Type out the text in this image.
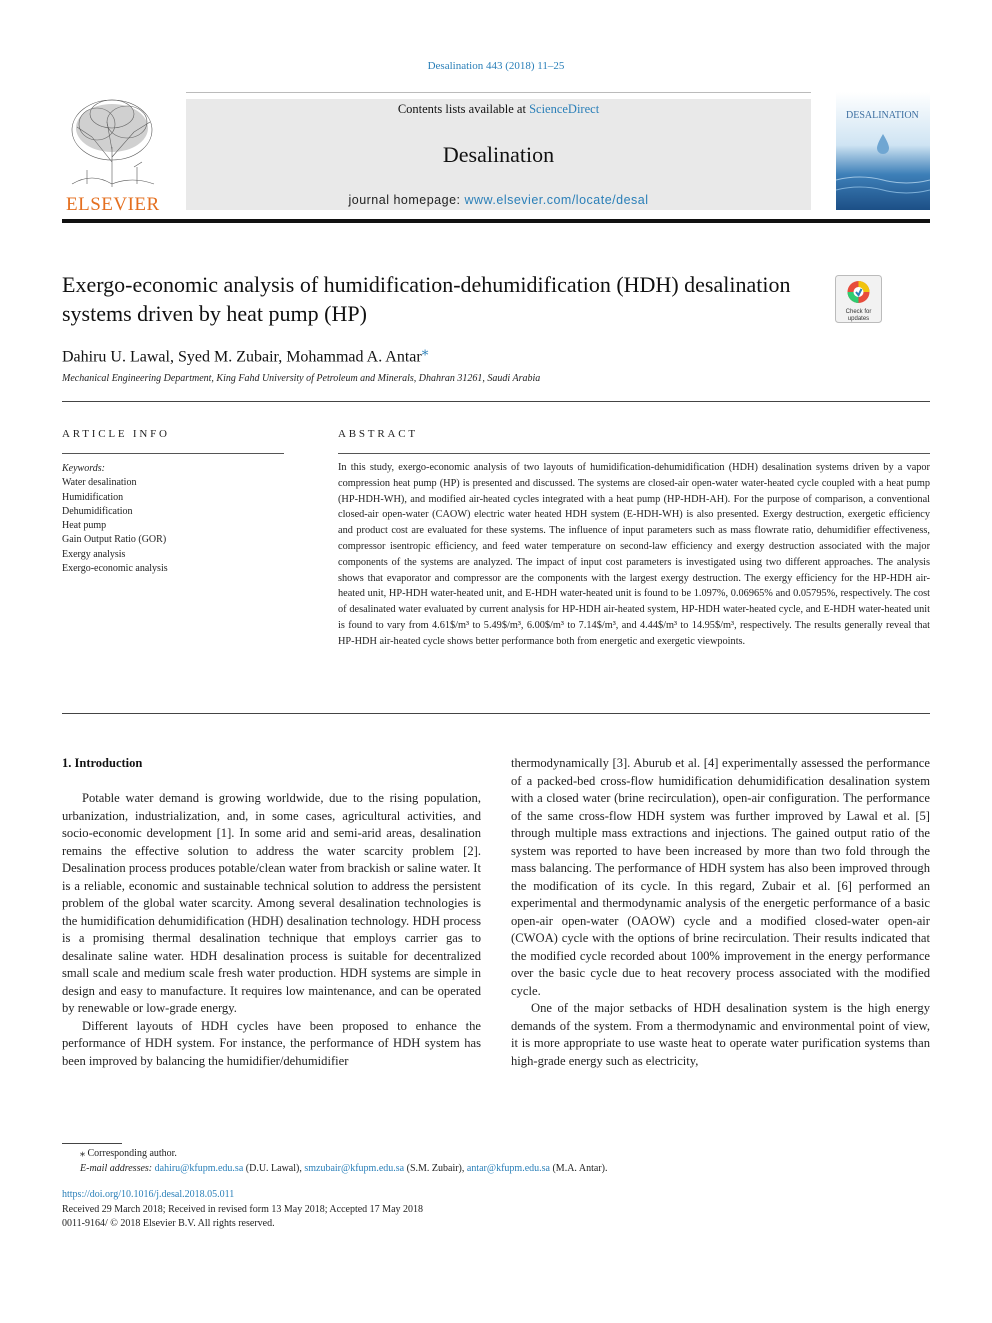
Desalination 443 (2018) 11–25
ELSEVIER
Contents lists available at ScienceDirect
Desalination
journal homepage: www.elsevier.com/locate/desal
DESALINATION
Exergo-economic analysis of humidification-dehumidification (HDH) desalination systems driven by heat pump (HP)	Check for
updates
Dahiru U. Lawal, Syed M. Zubair, Mohammad A. Antar⁎
Mechanical Engineering Department, King Fahd University of Petroleum and Minerals, Dhahran 31261, Saudi Arabia
ARTICLE INFO
Keywords:
Water desalination
Humidification
Dehumidification
Heat pump
Gain Output Ratio (GOR)
Exergy analysis
Exergo-economic analysis
ABSTRACT
In this study, exergo-economic analysis of two layouts of humidification-dehumidification (HDH) desalination systems driven by a vapor compression heat pump (HP) is presented and discussed. The systems are closed-air open-water water-heated cycle coupled with a heat pump (HP-HDH-WH), and modified air-heated cycles integrated with a heat pump (HP-HDH-AH). For the purpose of comparison, a conventional closed-air open-water (CAOW) electric water heated HDH system (E-HDH-WH) is also presented. Exergy destruction, exergetic efficiency and product cost are evaluated for these systems. The influence of input parameters such as mass flowrate ratio, dehumidifier effectiveness, compressor isentropic efficiency, and feed water temperature on second-law efficiency and exergy destruction associated with the major components of the systems are analyzed. The impact of input cost parameters is investigated using two different approaches. The analysis shows that evaporator and compressor are the components with the largest exergy destruction. The exergy efficiency for the HP-HDH air-heated unit, HP-HDH water-heated unit, and E-HDH water-heated unit is found to be 1.097%, 0.06965% and 0.05795%, respectively. The cost of desalinated water evaluated by current analysis for HP-HDH air-heated system, HP-HDH water-heated cycle, and E-HDH water-heated unit is found to vary from 4.61$/m³ to 5.49$/m³, 6.00$/m³ to 7.14$/m³, and 4.44$/m³ to 14.95$/m³, respectively. The results generally reveal that HP-HDH air-heated cycle shows better performance both from energetic and exergetic viewpoints.
1. Introduction

Potable water demand is growing worldwide, due to the rising population, urbanization, industrialization, and, in some cases, agricultural activities, and socio-economic development [1]. In some arid and semi-arid areas, desalination remains the effective solution to address the water scarcity problem [2]. Desalination process produces potable/clean water from brackish or saline water. It is a reliable, economic and sustainable technical solution to address the persistent problem of the global water scarcity. Among several desalination technologies is the humidification dehumidification (HDH) desalination technology. HDH process is a promising thermal desalination technique that employs carrier gas to desalinate saline water. HDH desalination process is suitable for decentralized small scale and medium scale fresh water production. HDH systems are simple in design and easy to manufacture. It requires low maintenance, and can be operated by renewable or low-grade energy.

Different layouts of HDH cycles have been proposed to enhance the performance of HDH system. For instance, the performance of HDH system has been improved by balancing the humidifier/dehumidifier

thermodynamically [3]. Aburub et al. [4] experimentally assessed the performance of a packed-bed cross-flow humidification dehumidification desalination system with a closed water (brine recirculation), open-air configuration. The performance of the same cross-flow HDH system was further improved by Lawal et al. [5] through multiple mass extractions and injections. The gained output ratio of the system was reported to have been increased by more than two fold through the mass balancing. The performance of HDH system has also been improved through the modification of its cycle. In this regard, Zubair et al. [6] performed an experimental and thermodynamic analysis of the energetic performance of a basic open-air open-water (OAOW) cycle and a modified closed-water open-air (CWOA) cycle with the options of brine recirculation. Their results indicated that the modified cycle recorded about 100% improvement in the energy performance over the basic cycle due to heat recovery process associated with the modified cycle.

One of the major setbacks of HDH desalination system is the high energy demands of the system. From a thermodynamic and environmental point of view, it is more appropriate to use waste heat to operate water purification systems than high-grade energy such as electricity,

⁎ Corresponding author.
E-mail addresses: dahiru@kfupm.edu.sa (D.U. Lawal), smzubair@kfupm.edu.sa (S.M. Zubair), antar@kfupm.edu.sa (M.A. Antar).
https://doi.org/10.1016/j.desal.2018.05.011
Received 29 March 2018; Received in revised form 13 May 2018; Accepted 17 May 2018
0011-9164/ © 2018 Elsevier B.V. All rights reserved.
